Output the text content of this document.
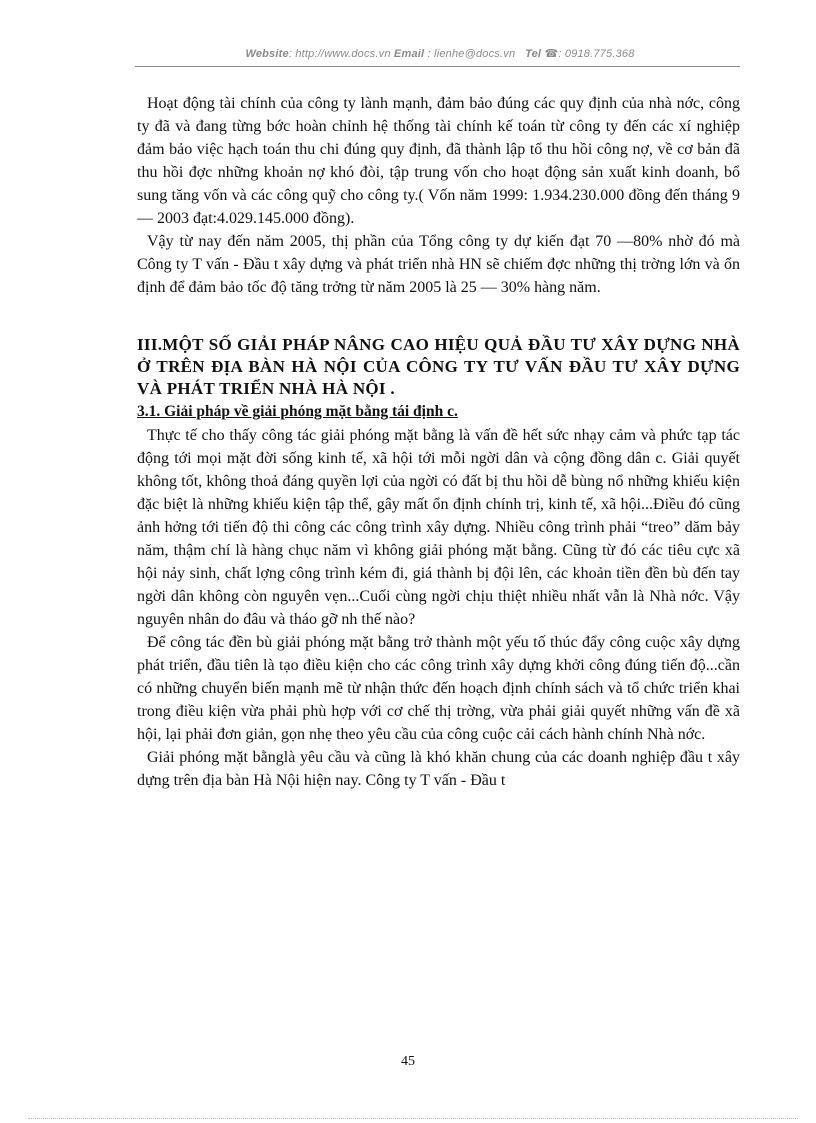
Website: http://www.docs.vn Email : lienhe@docs.vn Tel ☎: 0918.775.368

Hoạt động tài chính của công ty lành mạnh, đảm bảo đúng các quy định của nhà nớc, công ty đã và đang từng bớc hoàn chỉnh hệ thống tài chính kế toán từ công ty đến các xí nghiệp đảm bảo việc hạch toán thu chi đúng quy định, đã thành lập tổ thu hồi công nợ, về cơ bản đã thu hồi đợc những khoản nợ khó đòi, tập trung vốn cho hoạt động sản xuất kinh doanh, bổ sung tăng vốn và các công quỹ cho công ty.( Vốn năm 1999: 1.934.230.000 đồng đến tháng 9 — 2003 đạt:4.029.145.000 đồng).

Vậy từ nay đến năm 2005, thị phần của Tổng công ty dự kiến đạt 70 —80% nhờ đó mà Công ty T vấn - Đầu t xây dựng và phát triển nhà HN sẽ chiếm đợc những thị trờng lớn và ổn định để đảm bảo tốc độ tăng trởng từ năm 2005 là 25 — 30% hàng năm.

III.MỘT SỐ GIẢI PHÁP NÂNG CAO HIỆU QUẢ ĐẦU TƯ XÂY DỰNG NHÀ Ở TRÊN ĐỊA BÀN HÀ NỘI CỦA CÔNG TY TƯ VẤN ĐẦU TƯ XÂY DỰNG VÀ PHÁT TRIỂN NHÀ HÀ NỘI .
3.1. Giải pháp về giải phóng mặt bằng tái định c.

Thực tế cho thấy công tác giải phóng mặt bằng là vấn đề hết sức nhạy cảm và phức tạp tác động tới mọi mặt đời sống kinh tế, xã hội tới mỗi ngời dân và cộng đồng dân c. Giải quyết không tốt, không thoả đáng quyền lợi của ngời có đất bị thu hồi dễ bùng nổ những khiếu kiện đặc biệt là những khiếu kiện tập thể, gây mất ổn định chính trị, kinh tế, xã hội...Điều đó cũng ảnh hởng tới tiến độ thi công các công trình xây dựng. Nhiều công trình phải “treo” dăm bảy năm, thậm chí là hàng chục năm vì không giải phóng mặt bằng. Cũng từ đó các tiêu cực xã hội nảy sinh, chất lợng công trình kém đi, giá thành bị đội lên, các khoản tiền đền bù đến tay ngời dân không còn nguyên vẹn...Cuối cùng ngời chịu thiệt nhiều nhất vẫn là Nhà nớc. Vậy nguyên nhân do đâu và tháo gỡ nh thế nào?

Để công tác đền bù giải phóng mặt bằng trở thành một yếu tố thúc đẩy công cuộc xây dựng phát triển, đầu tiên là tạo điều kiện cho các công trình xây dựng khởi công đúng tiến độ...cần có những chuyển biến mạnh mẽ từ nhận thức đến hoạch định chính sách và tổ chức triển khai trong điều kiện vừa phải phù hợp với cơ chế thị trờng, vừa phải giải quyết những vấn đề xã hội, lại phải đơn giản, gọn nhẹ theo yêu cầu của công cuộc cải cách hành chính Nhà nớc.

Giải phóng mặt bằnglà yêu cầu và cũng là khó khăn chung của các doanh nghiệp đầu t xây dựng trên địa bàn Hà Nội hiện nay. Công ty T vấn - Đầu t

45
